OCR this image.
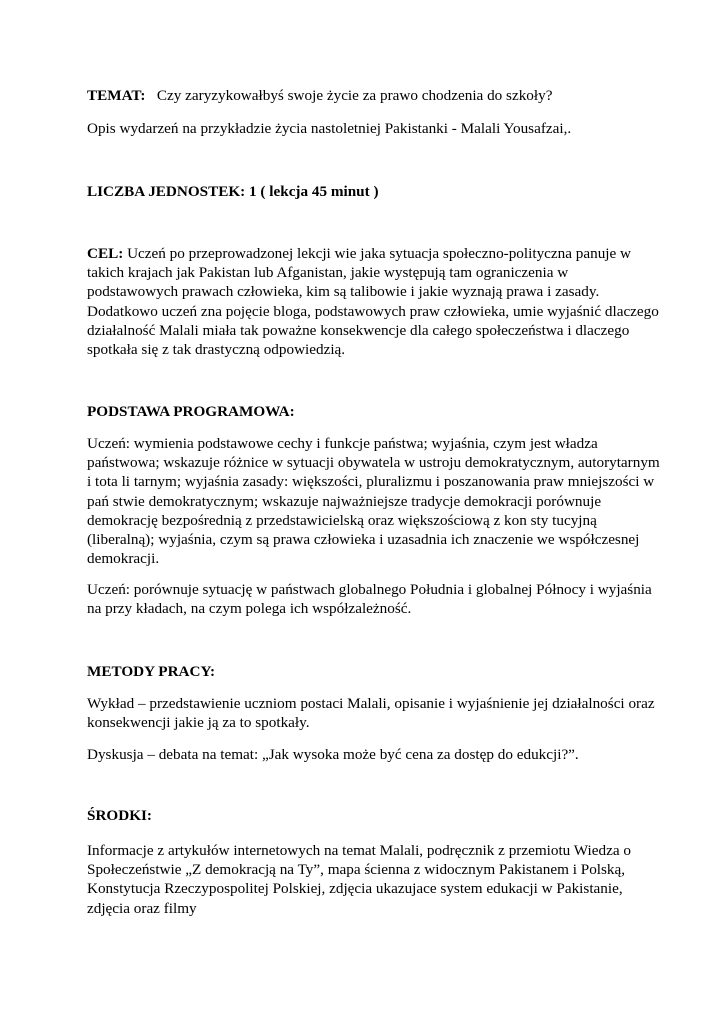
TEMAT: Czy zaryzykowałbyś swoje życie za prawo chodzenia do szkoły?

Opis wydarzeń na przykładzie życia nastoletniej Pakistanki - Malali Yousafzai,.

LICZBA JEDNOSTEK: 1 ( lekcja 45 minut )

CEL: Uczeń po przeprowadzonej lekcji wie jaka sytuacja społeczno-polityczna panuje w
takich krajach jak Pakistan lub Afganistan, jakie występują tam ograniczenia w
podstawowych prawach człowieka, kim są talibowie i jakie wyznają prawa i zasady.
Dodatkowo uczeń zna pojęcie bloga, podstawowych praw człowieka, umie wyjaśnić dlaczego
działalność Malali miała tak poważne konsekwencje dla całego społeczeństwa i dlaczego
spotkała się z tak drastyczną odpowiedzią.

PODSTAWA PROGRAMOWA:

Uczeń: wymienia podstawowe cechy i funkcje państwa; wyjaśnia, czym jest władza
państwowa; wskazuje różnice w sytuacji obywatela w ustroju demokratycznym, autorytarnym
i tota li tarnym; wyjaśnia zasady: większości, pluralizmu i poszanowania praw mniejszości w
pań stwie demokratycznym; wskazuje najważniejsze tradycje demokracji porównuje
demokrację bezpośrednią z przedstawicielską oraz większościową z kon sty tucyjną
(liberalną); wyjaśnia, czym są prawa człowieka i uzasadnia ich znaczenie we współczesnej
demokracji.

Uczeń: porównuje sytuację w państwach globalnego Południa i globalnej Północy i wyjaśnia
na przy kładach, na czym polega ich współzależność.

METODY PRACY:

Wykład – przedstawienie uczniom postaci Malali, opisanie i wyjaśnienie jej działalności oraz
konsekwencji jakie ją za to spotkały.

Dyskusja – debata na temat: „Jak wysoka może być cena za dostęp do edukcji?”.

ŚRODKI:

Informacje z artykułów internetowych na temat Malali, podręcznik z przemiotu Wiedza o
Społeczeństwie „Z demokracją na Ty”, mapa ścienna z widocznym Pakistanem i Polską,
Konstytucja Rzeczypospolitej Polskiej, zdjęcia ukazujace system edukacji w Pakistanie,
zdjęcia oraz filmy
